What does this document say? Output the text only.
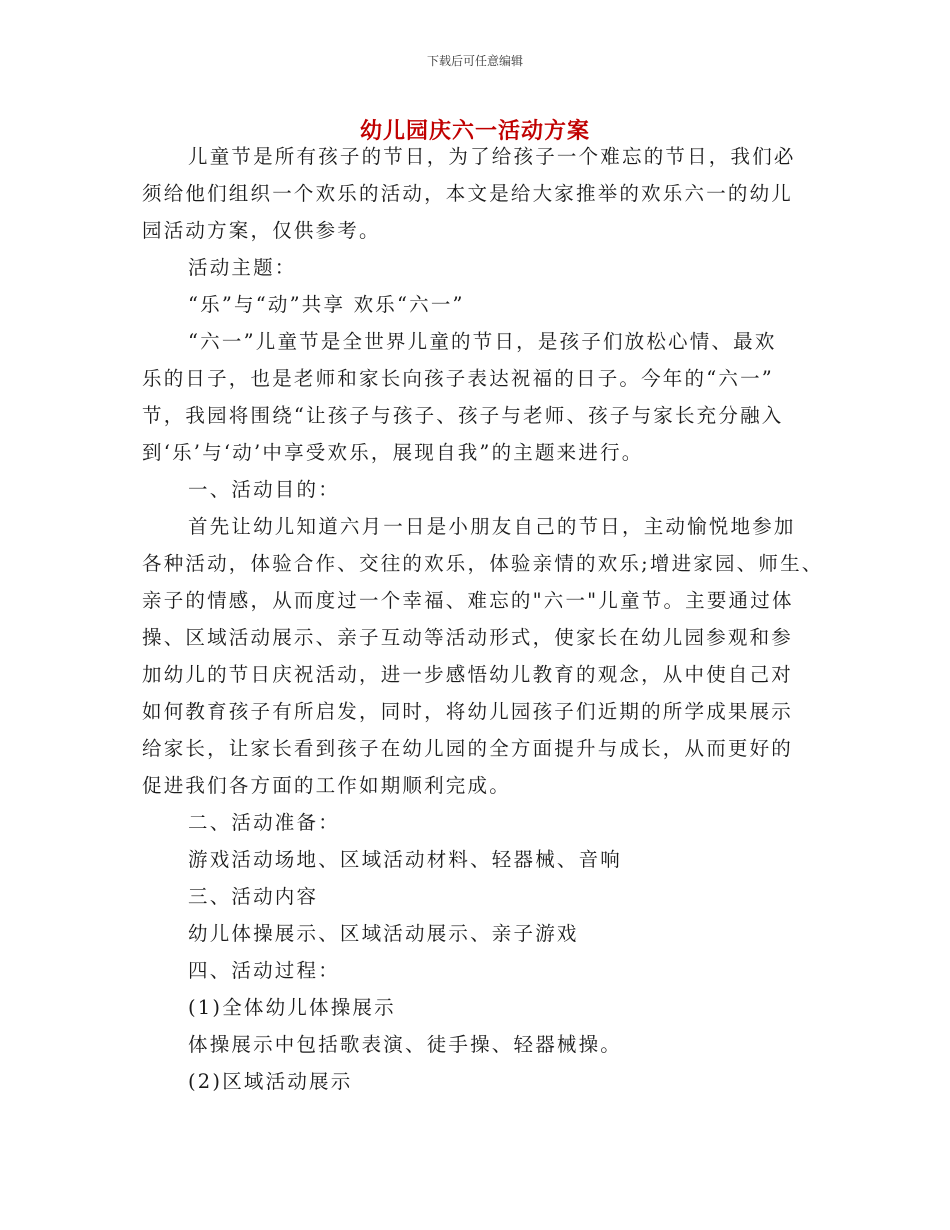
下载后可任意编辑
幼儿园庆六一活动方案
儿童节是所有孩子的节日，为了给孩子一个难忘的节日，我们必
须给他们组织一个欢乐的活动，本文是给大家推举的欢乐六一的幼儿
园活动方案，仅供参考。
活动主题：
“乐”与“动”共享 欢乐“六一”
“六一”儿童节是全世界儿童的节日，是孩子们放松心情、最欢
乐的日子，也是老师和家长向孩子表达祝福的日子。今年的“六一”
节，我园将围绕“让孩子与孩子、孩子与老师、孩子与家长充分融入
到‘乐’与‘动’中享受欢乐，展现自我”的主题来进行。
一、活动目的：
首先让幼儿知道六月一日是小朋友自己的节日，主动愉悦地参加
各种活动，体验合作、交往的欢乐，体验亲情的欢乐;增进家园、师生、
亲子的情感，从而度过一个幸福、难忘的"六一"儿童节。主要通过体
操、区域活动展示、亲子互动等活动形式，使家长在幼儿园参观和参
加幼儿的节日庆祝活动，进一步感悟幼儿教育的观念，从中使自己对
如何教育孩子有所启发，同时，将幼儿园孩子们近期的所学成果展示
给家长，让家长看到孩子在幼儿园的全方面提升与成长，从而更好的
促进我们各方面的工作如期顺利完成。
二、活动准备：
游戏活动场地、区域活动材料、轻器械、音响
三、活动内容
幼儿体操展示、区域活动展示、亲子游戏
四、活动过程：
(1)全体幼儿体操展示
体操展示中包括歌表演、徒手操、轻器械操。
(2)区域活动展示
